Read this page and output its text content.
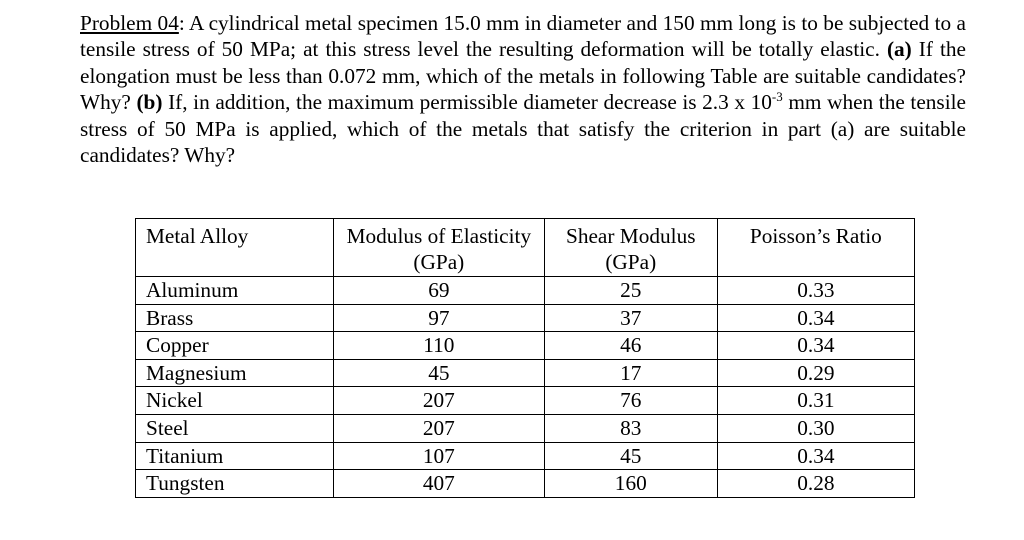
Problem 04: A cylindrical metal specimen 15.0 mm in diameter and 150 mm long is to be subjected to a tensile stress of 50 MPa; at this stress level the resulting deformation will be totally elastic. (a) If the elongation must be less than 0.072 mm, which of the metals in following Table are suitable candidates? Why? (b) If, in addition, the maximum permissible diameter decrease is 2.3 x $10^{-3}$ mm when the tensile stress of 50 MPa is applied, which of the metals that satisfy the criterion in part (a) are suitable candidates? Why?

Metal Alloy	Modulus of Elasticity (GPa)	Shear Modulus (GPa)	Poisson’s Ratio
Aluminum	69	25	0.33
Brass	97	37	0.34
Copper	110	46	0.34
Magnesium	45	17	0.29
Nickel	207	76	0.31
Steel	207	83	0.30
Titanium	107	45	0.34
Tungsten	407	160	0.28
